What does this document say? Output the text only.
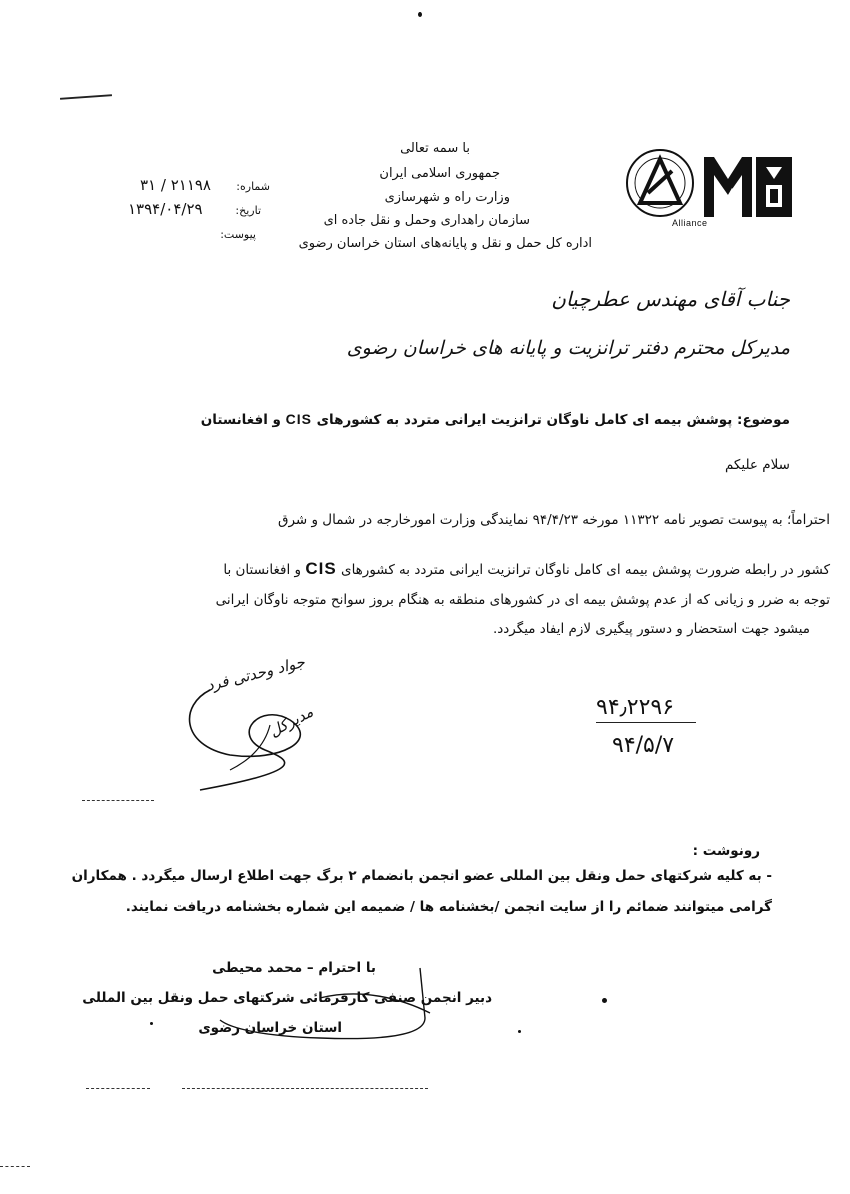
با سمه تعالی
جمهوری اسلامی ایران
وزارت راه و شهرسازی
سازمان راهداری وحمل و نقل جاده ای
اداره کل حمل و نقل و پایانه‌های استان خراسان رضوی
Alliance
شماره:
۳۱ / ۲۱۱۹۸
تاریخ:
۱۳۹۴/۰۴/۲۹
پیوست:
جناب آقای مهندس عطرچیان
مدیرکل محترم دفتر ترانزیت و پایانه های خراسان رضوی
موضوع: پوشش بیمه ای کامل ناوگان ترانزیت ایرانی متردد به کشورهای CIS و افغانستان
سلام علیکم
احتراماً؛ به پیوست تصویر نامه ۱۱۳۲۲ مورخه ۹۴/۴/۲۳ نمایندگی وزارت امورخارجه در شمال و شرق
کشور در رابطه ضرورت پوشش بیمه ای کامل ناوگان ترانزیت ایرانی متردد به کشورهای CIS و افغانستان با
توجه به ضرر و زیانی که از عدم پوشش بیمه ای در کشورهای منطقه به هنگام بروز سوانح متوجه ناوگان ایرانی
میشود جهت استحضار و دستور پیگیری لازم ایفاد میگردد.
جواد وحدتی فرد
مدیرکل	۹۴٫۲۲۹۶
۹۴/۵/۷
رونوشت :
- به کلیه شرکتهای حمل ونقل بین المللی عضو انجمن بانضمام ۲ برگ جهت اطلاع ارسال میگردد . همکاران
گرامی میتوانند ضمائم را از سایت انجمن /بخشنامه ها / ضمیمه این شماره بخشنامه دریافت نمایند.
با احترام – محمد محیطی
دبیر انجمن صنفی کارفرمائی شرکتهای حمل ونقل بین المللی
استان خراسان رضوی
